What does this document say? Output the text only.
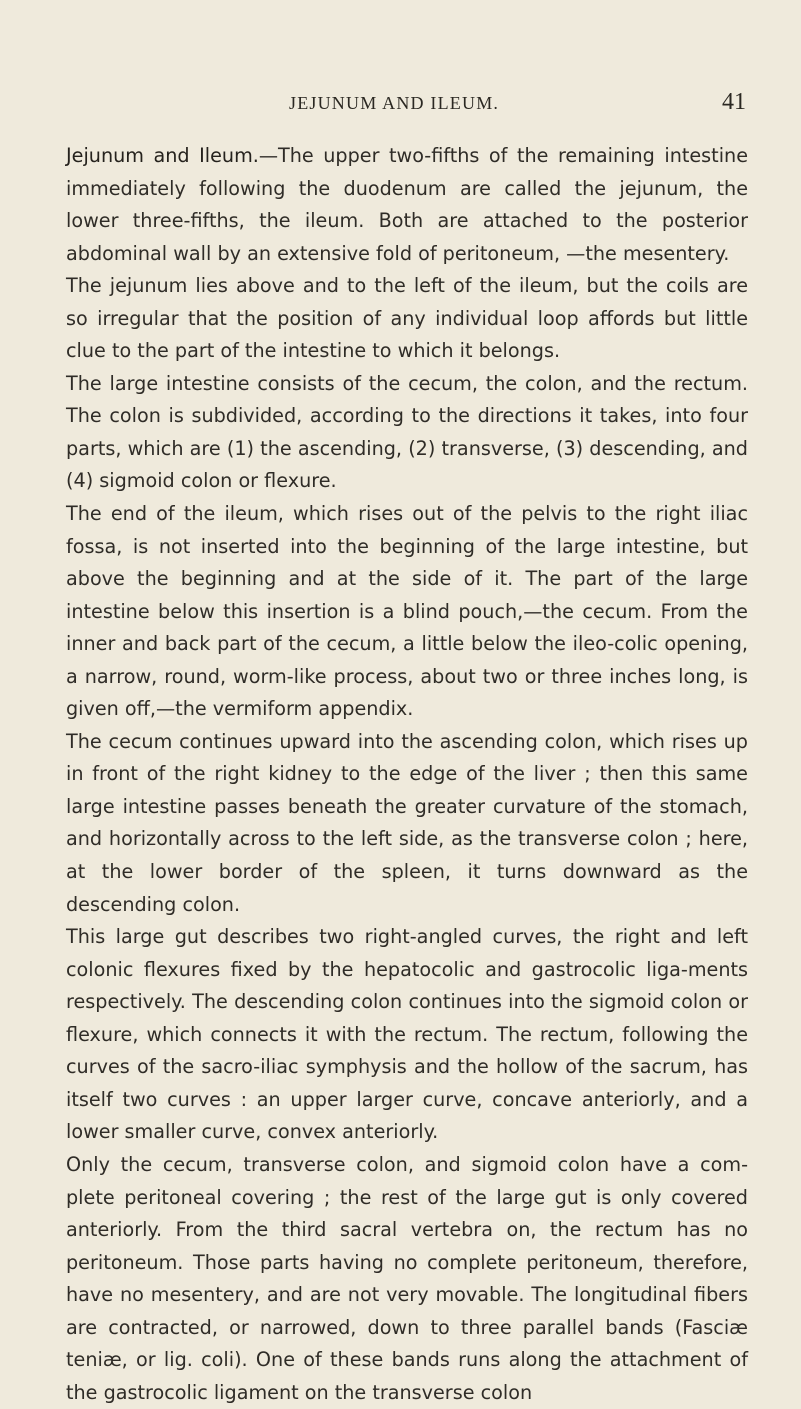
JEJUNUM AND ILEUM.	41

Jejunum and Ileum.—The upper two-fifths of the remaining intestine immediately following the duodenum are called the jejunum, the lower three-fifths, the ileum. Both are attached to the posterior abdominal wall by an extensive fold of peritoneum, —the mesentery.

The jejunum lies above and to the left of the ileum, but the coils are so irregular that the position of any individual loop affords but little clue to the part of the intestine to which it belongs.

The large intestine consists of the cecum, the colon, and the rectum. The colon is subdivided, according to the directions it takes, into four parts, which are (1) the ascending, (2) transverse, (3) descending, and (4) sigmoid colon or flexure.

The end of the ileum, which rises out of the pelvis to the right iliac fossa, is not inserted into the beginning of the large intestine, but above the beginning and at the side of it. The part of the large intestine below this insertion is a blind pouch,—the cecum. From the inner and back part of the cecum, a little below the ileo-colic opening, a narrow, round, worm-like process, about two or three inches long, is given off,—the vermiform appendix.

The cecum continues upward into the ascending colon, which rises up in front of the right kidney to the edge of the liver ; then this same large intestine passes beneath the greater curvature of the stomach, and horizontally across to the left side, as the transverse colon ; here, at the lower border of the spleen, it turns downward as the descending colon.

This large gut describes two right-angled curves, the right and left colonic flexures fixed by the hepatocolic and gastrocolic liga-ments respectively. The descending colon continues into the sigmoid colon or flexure, which connects it with the rectum. The rectum, following the curves of the sacro-iliac symphysis and the hollow of the sacrum, has itself two curves : an upper larger curve, concave anteriorly, and a lower smaller curve, convex anteriorly.

Only the cecum, transverse colon, and sigmoid colon have a com-plete peritoneal covering ; the rest of the large gut is only covered anteriorly. From the third sacral vertebra on, the rectum has no peritoneum. Those parts having no complete peritoneum, therefore, have no mesentery, and are not very movable. The longitudinal fibers are contracted, or narrowed, down to three parallel bands (Fasciæ teniæ, or lig. coli). One of these bands runs along the attachment of the gastrocolic ligament on the transverse colon
